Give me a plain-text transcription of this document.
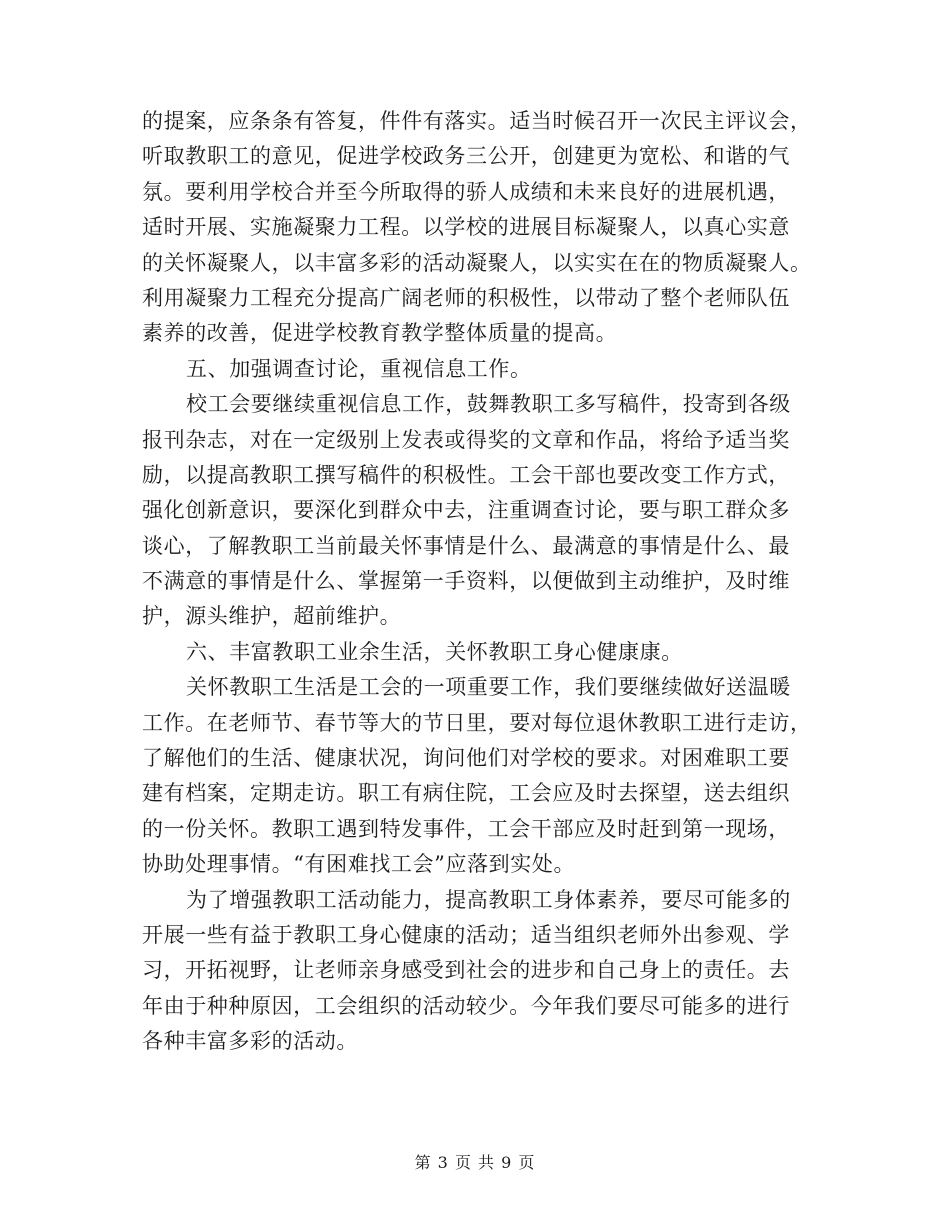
的提案，应条条有答复，件件有落实。适当时候召开一次民主评议会，
听取教职工的意见，促进学校政务三公开，创建更为宽松、和谐的气
氛。要利用学校合并至今所取得的骄人成绩和未来良好的进展机遇，
适时开展、实施凝聚力工程。以学校的进展目标凝聚人，以真心实意
的关怀凝聚人，以丰富多彩的活动凝聚人，以实实在在的物质凝聚人。
利用凝聚力工程充分提高广阔老师的积极性，以带动了整个老师队伍
素养的改善，促进学校教育教学整体质量的提高。
五、加强调查讨论，重视信息工作。
校工会要继续重视信息工作，鼓舞教职工多写稿件，投寄到各级
报刊杂志，对在一定级别上发表或得奖的文章和作品，将给予适当奖
励，以提高教职工撰写稿件的积极性。工会干部也要改变工作方式，
强化创新意识，要深化到群众中去，注重调查讨论，要与职工群众多
谈心，了解教职工当前最关怀事情是什么、最满意的事情是什么、最
不满意的事情是什么、掌握第一手资料，以便做到主动维护，及时维
护，源头维护，超前维护。
六、丰富教职工业余生活，关怀教职工身心健康康。
关怀教职工生活是工会的一项重要工作，我们要继续做好送温暖
工作。在老师节、春节等大的节日里，要对每位退休教职工进行走访，
了解他们的生活、健康状况，询问他们对学校的要求。对困难职工要
建有档案，定期走访。职工有病住院，工会应及时去探望，送去组织
的一份关怀。教职工遇到特发事件，工会干部应及时赶到第一现场，
协助处理事情。“有困难找工会”应落到实处。
为了增强教职工活动能力，提高教职工身体素养，要尽可能多的
开展一些有益于教职工身心健康的活动；适当组织老师外出参观、学
习，开拓视野，让老师亲身感受到社会的进步和自己身上的责任。去
年由于种种原因，工会组织的活动较少。今年我们要尽可能多的进行
各种丰富多彩的活动。
第 3 页 共 9 页
